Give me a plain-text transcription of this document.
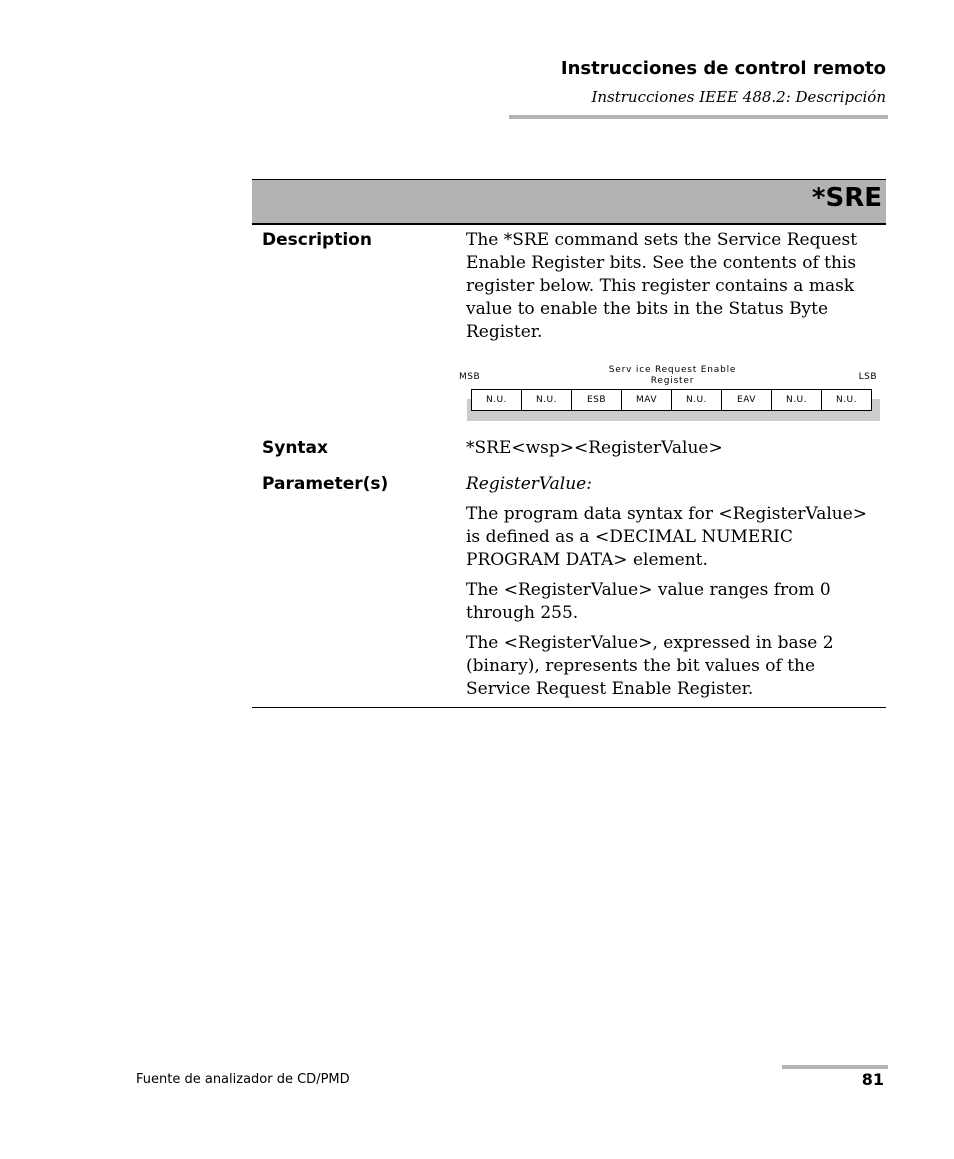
Instrucciones de control remoto
Instrucciones IEEE 488.2: Descripción
*SRE
Description	The *SRE command sets the Service Request Enable Register bits. See the contents of this register below. This register contains a mask value to enable the bits in the Status Byte Register.
MSB
Serv ice Request Enable
Register	LSB
N.U.	N.U.	ESB	MAV	N.U.	EAV	N.U.	N.U.
Syntax	*SRE<wsp><RegisterValue>
Parameter(s)	RegisterValue:
The program data syntax for <RegisterValue> is defined as a <DECIMAL NUMERIC PROGRAM DATA> element.
The <RegisterValue> value ranges from 0 through 255.
The <RegisterValue>, expressed in base 2 (binary), represents the bit values of the Service Request Enable Register.
Fuente de analizador de CD/PMD	81
